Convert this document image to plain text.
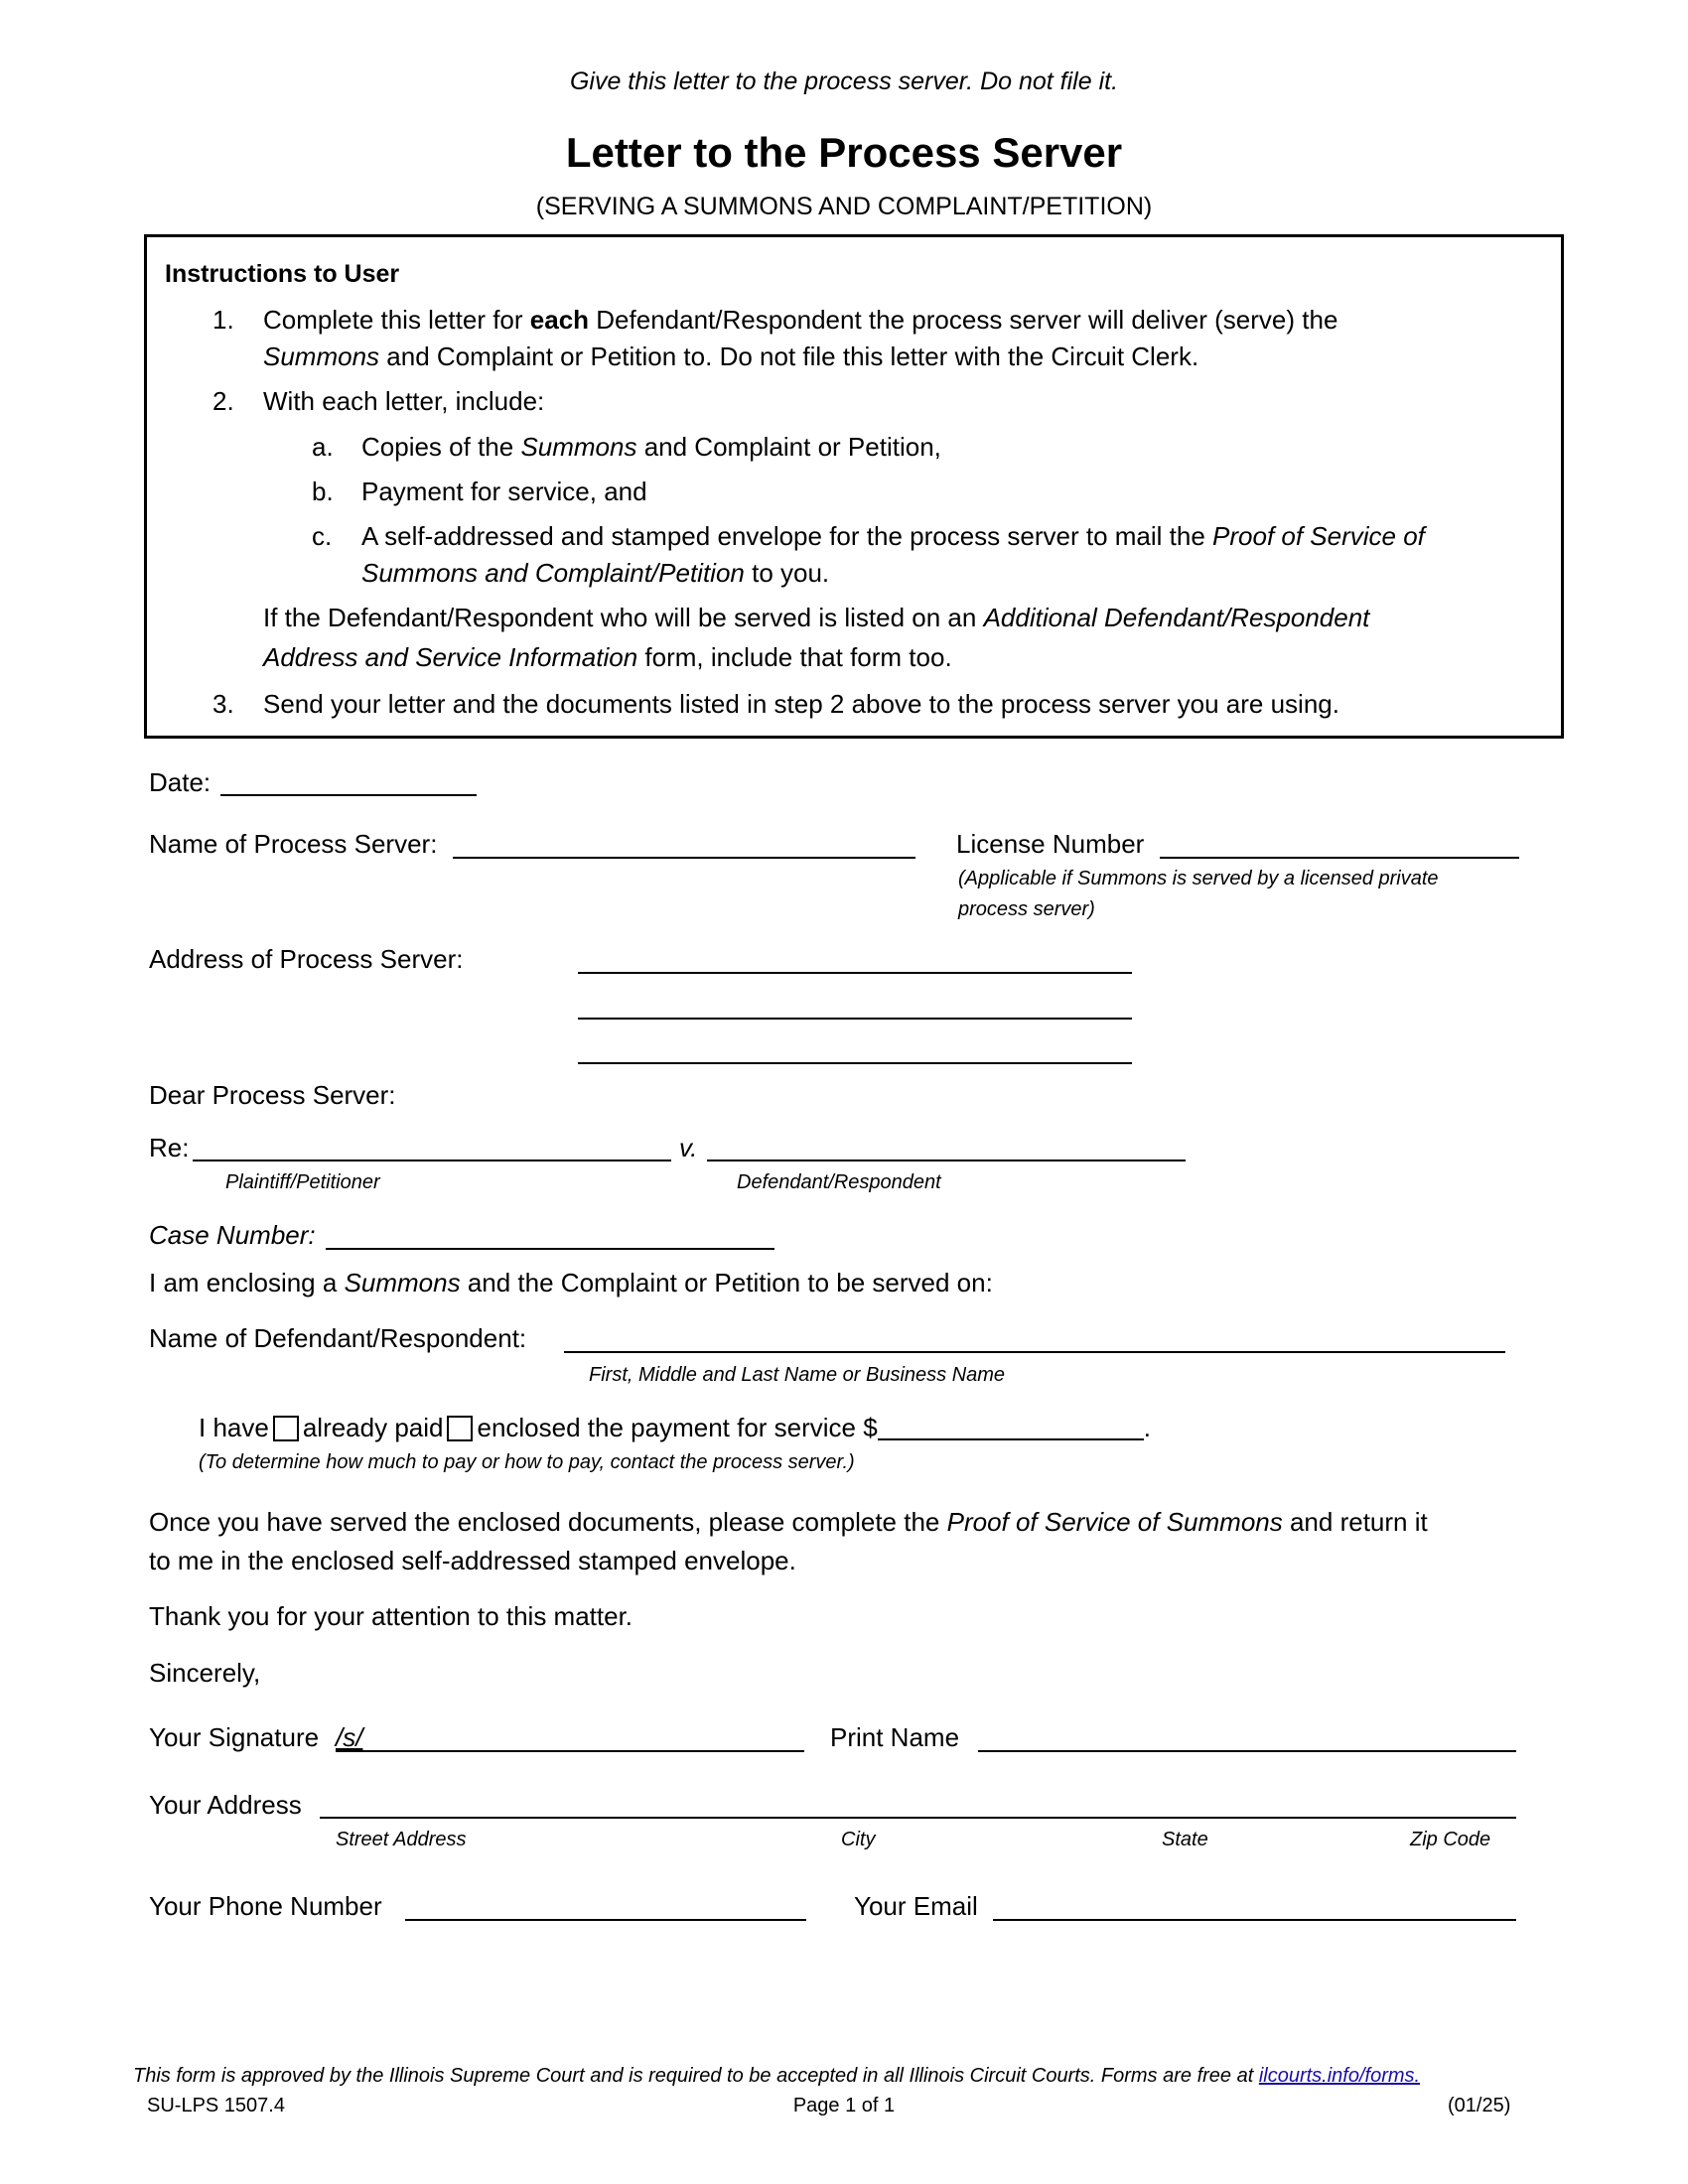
Give this letter to the process server. Do not file it.
Letter to the Process Server
(SERVING A SUMMONS AND COMPLAINT/PETITION)
Instructions to User
1. Complete this letter for each Defendant/Respondent the process server will deliver (serve) the
Summons and Complaint or Petition to. Do not file this letter with the Circuit Clerk.
2. With each letter, include:
a. Copies of the Summons and Complaint or Petition,
b. Payment for service, and
c. A self-addressed and stamped envelope for the process server to mail the Proof of Service of
Summons and Complaint/Petition to you.
If the Defendant/Respondent who will be served is listed on an Additional Defendant/Respondent
Address and Service Information form, include that form too.
3. Send your letter and the documents listed in step 2 above to the process server you are using.
Date:
Name of Process Server:	License Number
(Applicable if Summons is served by a licensed private
process server)
Address of Process Server:
Dear Process Server:
Re:	v.
Plaintiff/Petitioner	Defendant/Respondent
Case Number:
I am enclosing a Summons and the Complaint or Petition to be served on:
Name of Defendant/Respondent:
First, Middle and Last Name or Business Name
I have already paid enclosed the payment for service $	.
(To determine how much to pay or how to pay, contact the process server.)
Once you have served the enclosed documents, please complete the Proof of Service of Summons and return it
to me in the enclosed self-addressed stamped envelope.
Thank you for your attention to this matter.
Sincerely,
Your Signature /s/	Print Name
Your Address
Street Address	City	State	Zip Code
Your Phone Number	Your Email
This form is approved by the Illinois Supreme Court and is required to be accepted in all Illinois Circuit Courts. Forms are free at ilcourts.info/forms.
SU-LPS 1507.4	Page 1 of 1	(01/25)
